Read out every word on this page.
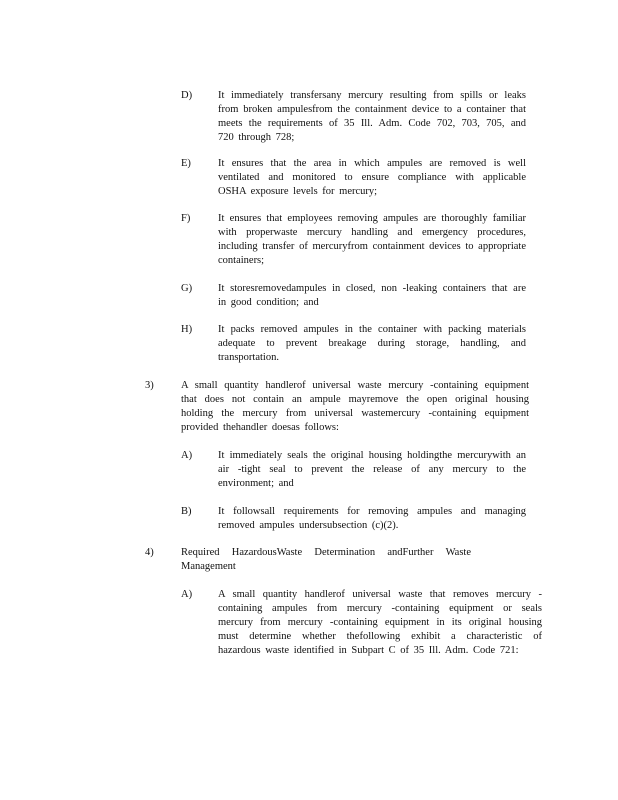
D) It immediately transfersany mercury resulting from spills or leaks from broken ampulesfrom the containment device to a container that meets the requirements of 35 Ill. Adm. Code 702, 703, 705, and 720 through 728;
E)	It ensures that the area in which ampules are removed is well ventilated and monitored to ensure compliance with applicable OSHA exposure levels for mercury;
F)	It ensures that employees removing ampules are thoroughly familiar with properwaste mercury handling and emergency procedures, including transfer of mercuryfrom containment devices to appropriate containers;
G) It storesremovedampules in closed, non -leaking containers that are in good condition; and
H) It packs removed ampules in the container with packing materials adequate to prevent breakage during storage, handling, and transportation.
3)	A small quantity handlerof universal waste mercury -containing equipment that does not contain an ampule mayremove the open original housing holding the mercury from universal wastemercury -containing equipment provided thehandler doesas follows:
A) It immediately seals the original housing holdingthe mercurywith an air -tight seal to prevent the release of any mercury to the environment; and
B)	It followsall requirements for removing ampules and managing removed ampules undersubsection (c)(2).
4)	Required HazardousWaste Determination andFurther Waste Management
A) A small quantity handlerof universal waste that removes mercury -containing ampules from mercury -containing equipment or seals mercury from mercury -containing equipment in its original housing must determine whether thefollowing exhibit a characteristic of hazardous waste identified in Subpart C of 35 Ill. Adm. Code 721:
